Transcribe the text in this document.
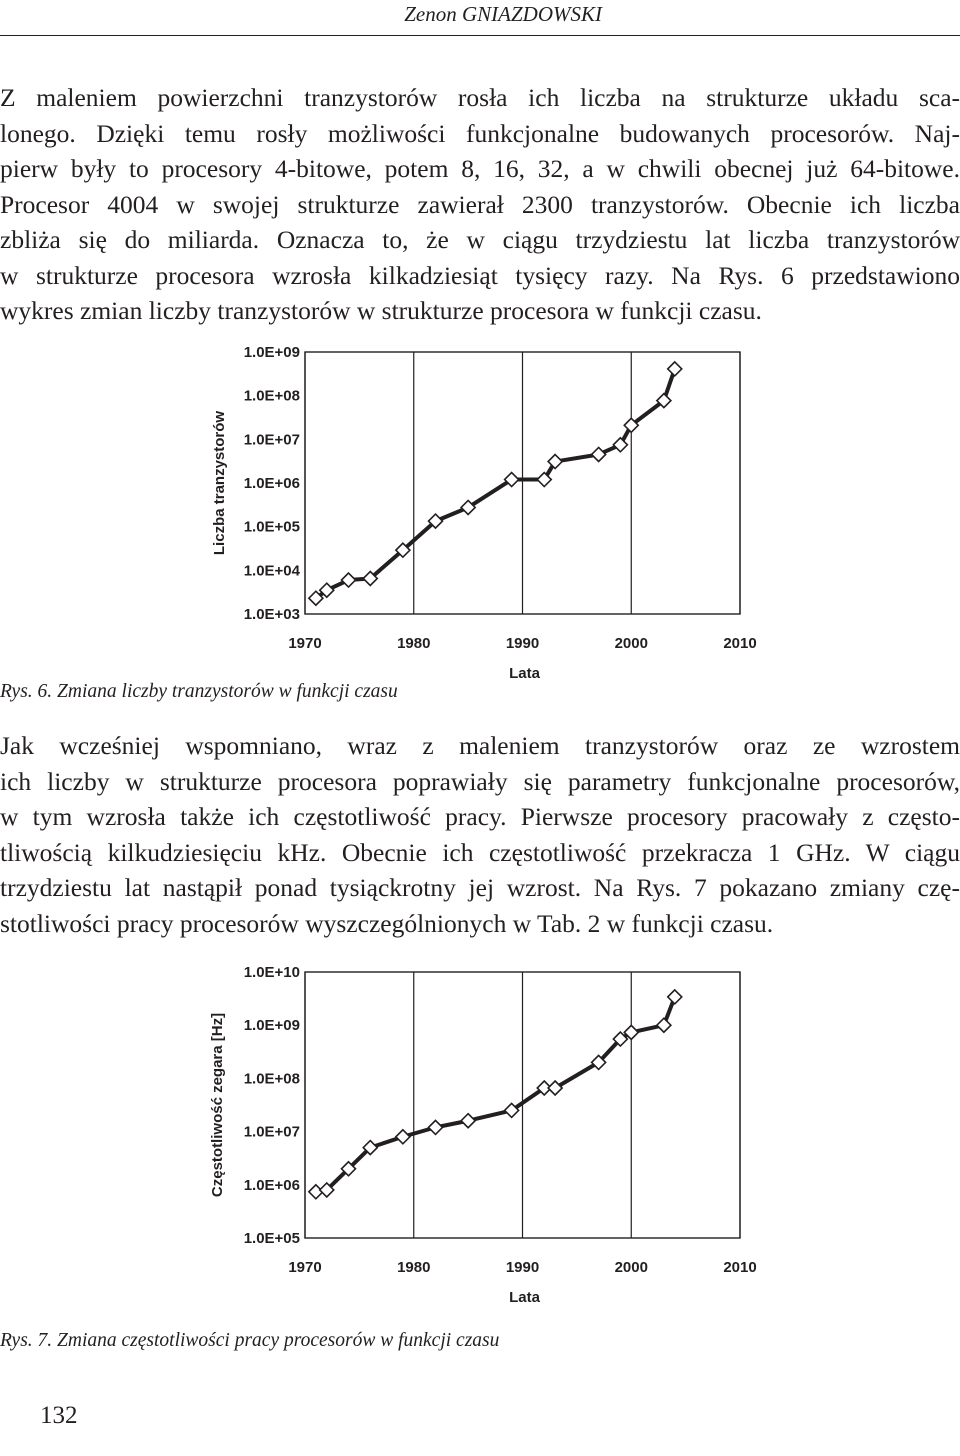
Zenon GNIAZDOWSKI
Z maleniem powierzchni tranzystorów rosła ich liczba na strukturze układu sca-
lonego. Dzięki temu rosły możliwości funkcjonalne budowanych procesorów. Naj-
pierw były to procesory 4-bitowe, potem 8, 16, 32, a w chwili obecnej już 64-bitowe.
Procesor 4004 w swojej strukturze zawierał 2300 tranzystorów. Obecnie ich liczba
zbliża się do miliarda. Oznacza to, że w ciągu trzydziestu lat liczba tranzystorów
w strukturze procesora wzrosła kilkadziesiąt tysięcy razy. Na Rys. 6 przedstawiono
wykres zmian liczby tranzystorów w strukturze procesora w funkcji czasu.
1970	1980	1990	2000	2010
1.0E+03
1.0E+04
1.0E+05
1.0E+06
1.0E+07
1.0E+08
1.0E+09
Lata
Liczba tranzystorów
Rys. 6. Zmiana liczby tranzystorów w funkcji czasu
Jak wcześniej wspomniano, wraz z maleniem tranzystorów oraz ze wzrostem
ich liczby w strukturze procesora poprawiały się parametry funkcjonalne procesorów,
w tym wzrosła także ich częstotliwość pracy. Pierwsze procesory pracowały z często-
tliwością kilkudziesięciu kHz. Obecnie ich częstotliwość przekracza 1 GHz. W ciągu
trzydziestu lat nastąpił ponad tysiąckrotny jej wzrost. Na Rys. 7 pokazano zmiany czę-
stotliwości pracy procesorów wyszczególnionych w Tab. 2 w funkcji czasu.
1970	1980	1990	2000	2010
1.0E+05
1.0E+06
1.0E+07
1.0E+08
1.0E+09
1.0E+10
Lata
Częstotliwość zegara [Hz]
Rys. 7. Zmiana częstotliwości pracy procesorów w funkcji czasu
132
